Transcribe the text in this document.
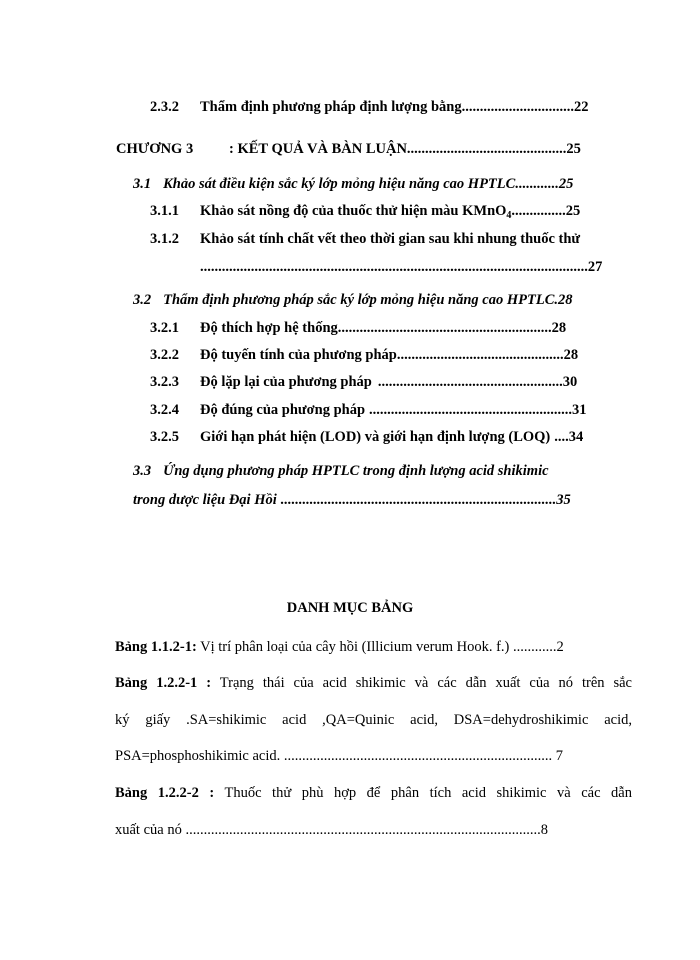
2.3.2 Thẩm định phương pháp định lượng bằng...............................22
CHƯƠNG 3 : KẾT QUẢ VÀ BÀN LUẬN............................................25
3.1 Khảo sát điều kiện sắc ký lớp mỏng hiệu năng cao HPTLC............25
3.1.1 Khảo sát nồng độ của thuốc thử hiện màu KMnO$_4$...............25
3.1.2 Khảo sát tính chất vết theo thời gian sau khi nhung thuốc thử
...........................................................................................................27
3.2 Thẩm định phương pháp sắc ký lớp mỏng hiệu năng cao HPTLC.28
3.2.1 Độ thích hợp hệ thống...........................................................28
3.2.2 Độ tuyến tính của phương pháp..............................................28
3.2.3 Độ lặp lại của phương pháp ...................................................30
3.2.4 Độ đúng của phương pháp ........................................................31
3.2.5 Giới hạn phát hiện (LOD) và giới hạn định lượng (LOQ) ....34
3.3 Ứng dụng phương pháp HPTLC trong định lượng acid shikimic
trong dược liệu Đại Hồi ............................................................................35
DANH MỤC BẢNG
Bảng 1.1.2-1: Vị trí phân loại của cây hồi (Illicium verum Hook. f.) ............2
Bảng 1.2.2-1 : Trạng thái của acid shikimic và các dẫn xuất của nó trên sắc
ký giấy .SA=shikimic acid ,QA=Quinic acid, DSA=dehydroshikimic acid,
PSA=phosphoshikimic acid. .......................................................................... 7
Bảng 1.2.2-2 : Thuốc thử phù hợp để phân tích acid shikimic và các dẫn
xuất của nó ..................................................................................................8
